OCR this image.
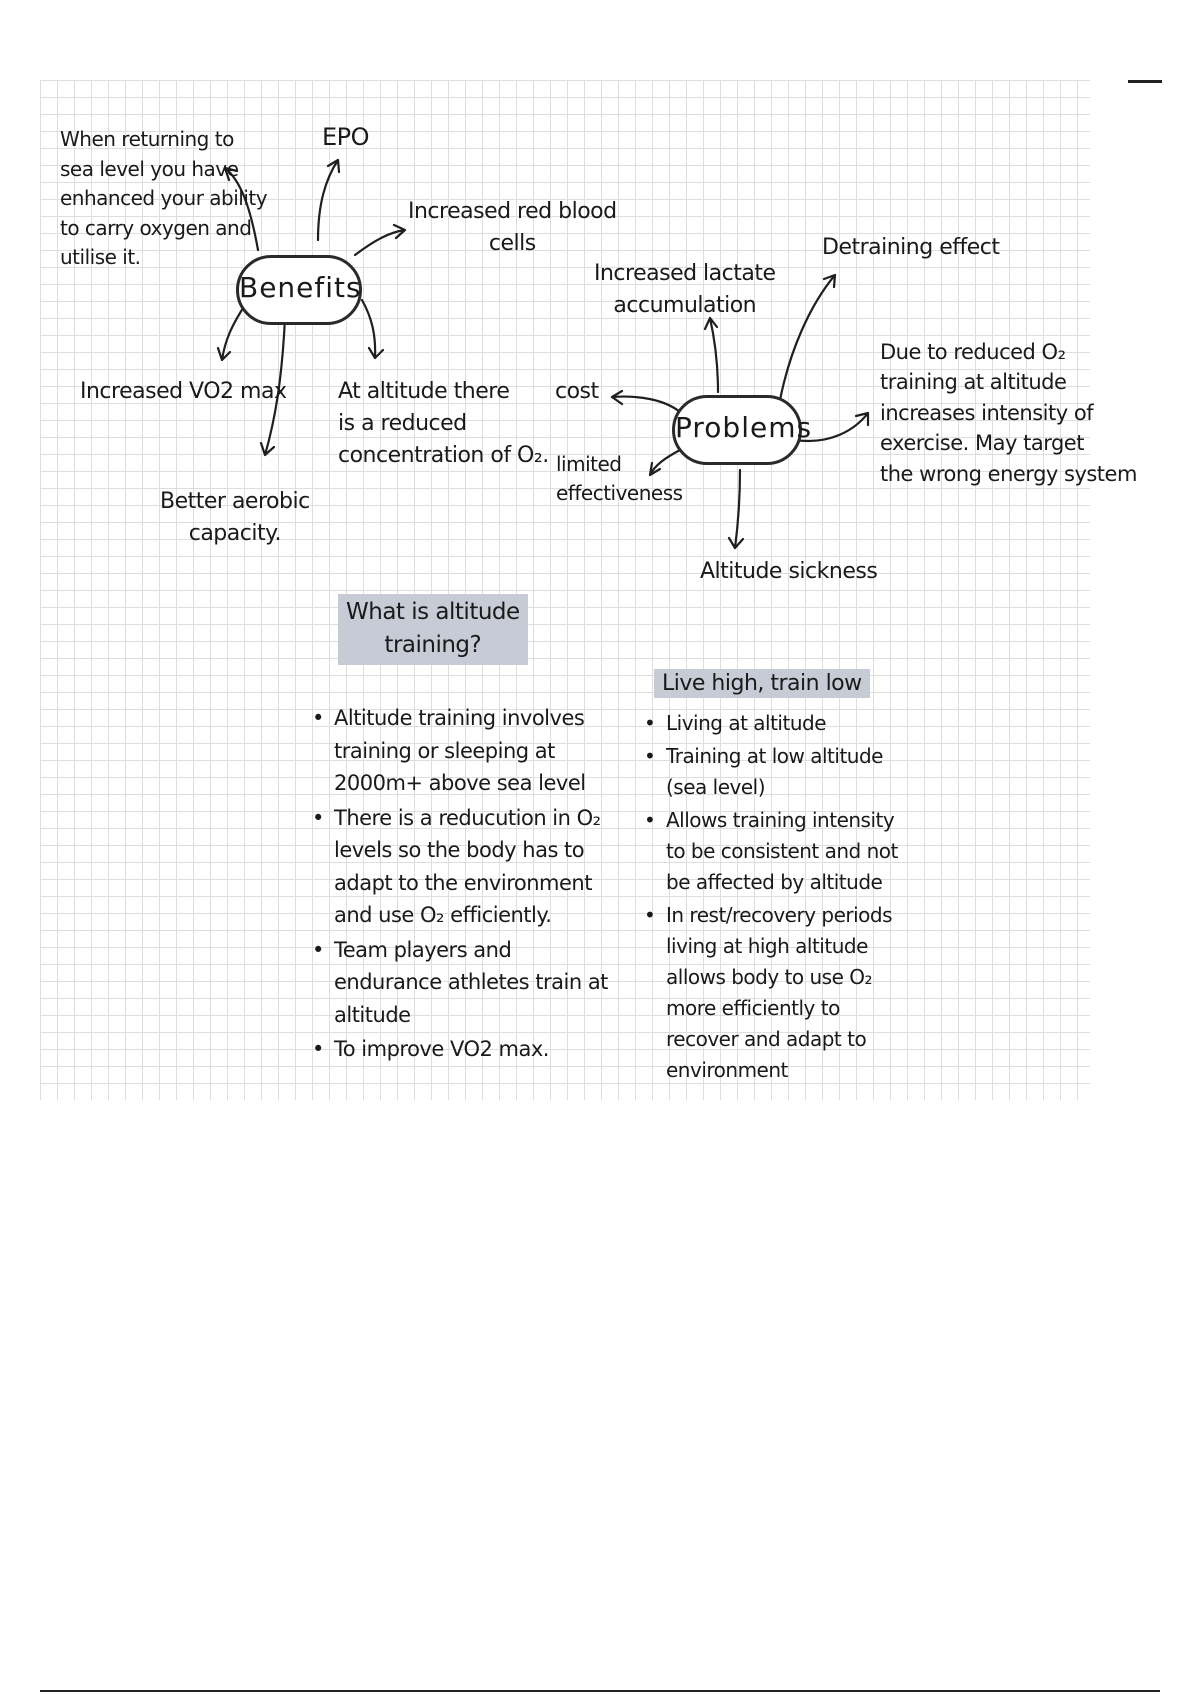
Benefits
When returning to
sea level you have
enhanced your ability
to carry oxygen and
utilise it.
EPO
Increased red blood
cells
Increased VO2 max
Better aerobic
capacity.
At altitude there
is a reduced
concentration of O₂.
Problems
Increased lactate
accumulation
Detraining effect
cost
Due to reduced O₂
training at altitude
increases intensity of
exercise. May target
the wrong energy system
limited
effectiveness
Altitude sickness
What is altitude
training?
• Altitude training involves training or sleeping at 2000m+ above sea level
• There is a reducution in O₂ levels so the body has to adapt to the environment and use O₂ efficiently.
• Team players and endurance athletes train at altitude
• To improve VO2 max.
Live high, train low
• Living at altitude
• Training at low altitude (sea level)
• Allows training intensity to be consistent and not be affected by altitude
• In rest/recovery periods living at high altitude allows body to use O₂ more efficiently to recover and adapt to environment
